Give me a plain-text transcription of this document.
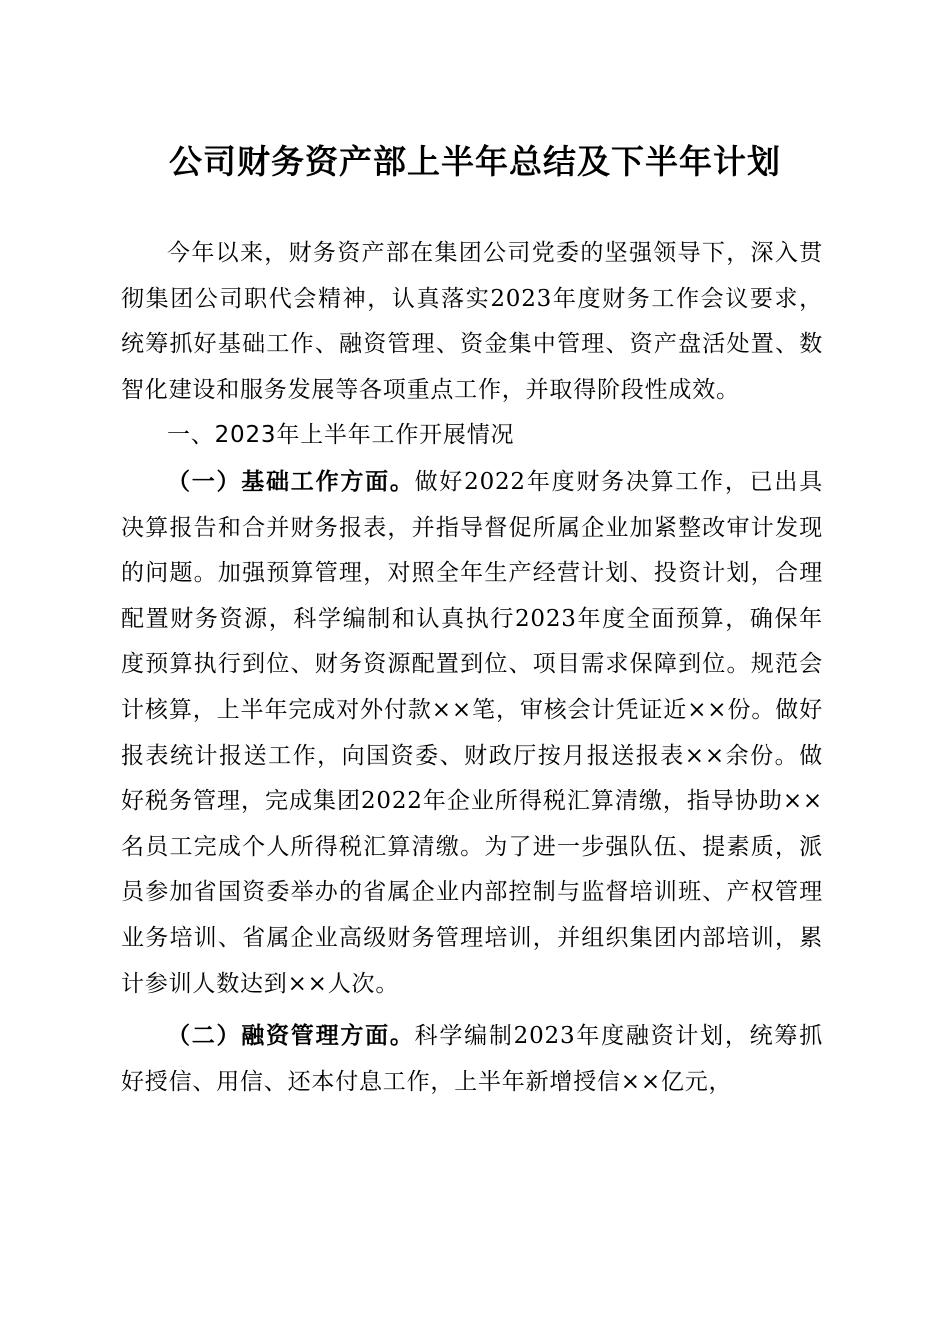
公司财务资产部上半年总结及下半年计划

今年以来，财务资产部在集团公司党委的坚强领导下，深入贯彻集团公司职代会精神，认真落实2023年度财务工作会议要求，统筹抓好基础工作、融资管理、资金集中管理、资产盘活处置、数智化建设和服务发展等各项重点工作，并取得阶段性成效。

一、2023年上半年工作开展情况

（一）基础工作方面。做好2022年度财务决算工作，已出具决算报告和合并财务报表，并指导督促所属企业加紧整改审计发现的问题。加强预算管理，对照全年生产经营计划、投资计划，合理配置财务资源，科学编制和认真执行2023年度全面预算，确保年度预算执行到位、财务资源配置到位、项目需求保障到位。规范会计核算，上半年完成对外付款××笔，审核会计凭证近××份。做好报表统计报送工作，向国资委、财政厅按月报送报表××余份。做好税务管理，完成集团2022年企业所得税汇算清缴，指导协助××名员工完成个人所得税汇算清缴。为了进一步强队伍、提素质，派员参加省国资委举办的省属企业内部控制与监督培训班、产权管理业务培训、省属企业高级财务管理培训，并组织集团内部培训，累计参训人数达到××人次。

（二）融资管理方面。科学编制2023年度融资计划，统筹抓好授信、用信、还本付息工作，上半年新增授信××亿元，
